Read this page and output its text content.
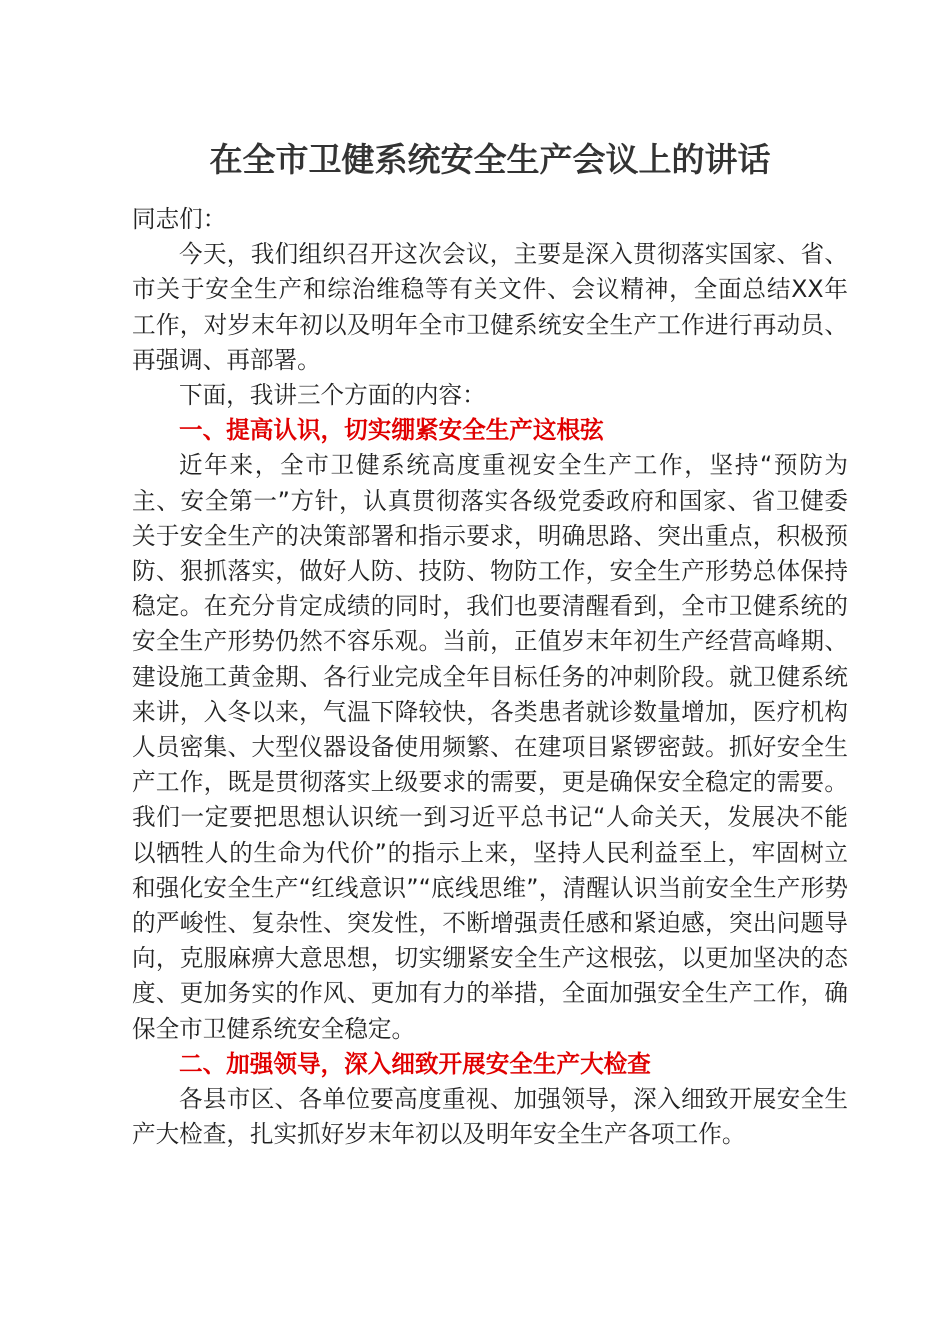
在全市卫健系统安全生产会议上的讲话

同志们：

今天，我们组织召开这次会议，主要是深入贯彻落实国家、省、市关于安全生产和综治维稳等有关文件、会议精神，全面总结XX年工作，对岁末年初以及明年全市卫健系统安全生产工作进行再动员、再强调、再部署。

下面，我讲三个方面的内容：

一、提高认识，切实绷紧安全生产这根弦

近年来，全市卫健系统高度重视安全生产工作，坚持“预防为主、安全第一”方针，认真贯彻落实各级党委政府和国家、省卫健委关于安全生产的决策部署和指示要求，明确思路、突出重点，积极预防、狠抓落实，做好人防、技防、物防工作，安全生产形势总体保持稳定。在充分肯定成绩的同时，我们也要清醒看到，全市卫健系统的安全生产形势仍然不容乐观。当前，正值岁末年初生产经营高峰期、建设施工黄金期、各行业完成全年目标任务的冲刺阶段。就卫健系统来讲，入冬以来，气温下降较快，各类患者就诊数量增加，医疗机构人员密集、大型仪器设备使用频繁、在建项目紧锣密鼓。抓好安全生产工作，既是贯彻落实上级要求的需要，更是确保安全稳定的需要。我们一定要把思想认识统一到习近平总书记“人命关天，发展决不能以牺牲人的生命为代价”的指示上来，坚持人民利益至上，牢固树立和强化安全生产“红线意识”“底线思维”，清醒认识当前安全生产形势的严峻性、复杂性、突发性，不断增强责任感和紧迫感，突出问题导向，克服麻痹大意思想，切实绷紧安全生产这根弦，以更加坚决的态度、更加务实的作风、更加有力的举措，全面加强安全生产工作，确保全市卫健系统安全稳定。

二、加强领导，深入细致开展安全生产大检查

各县市区、各单位要高度重视、加强领导，深入细致开展安全生产大检查，扎实抓好岁末年初以及明年安全生产各项工作。
